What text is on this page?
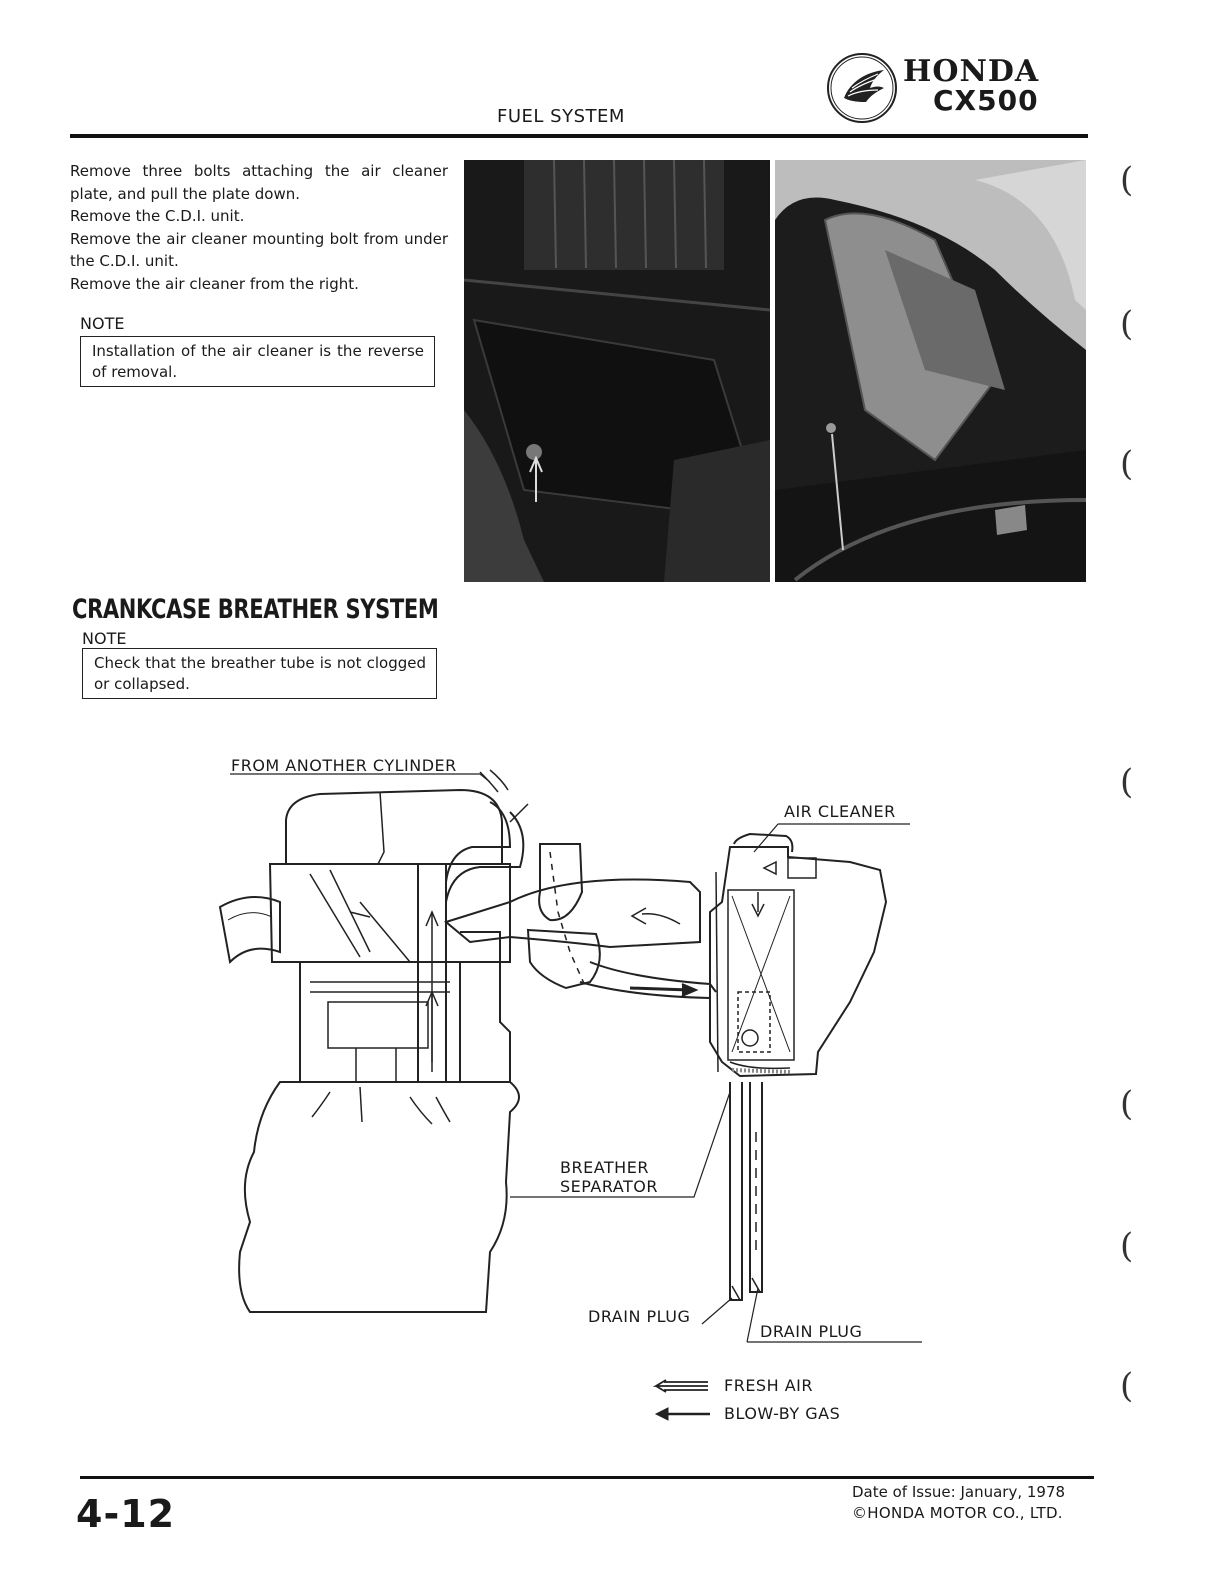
FUEL SYSTEM
HONDA
CX500
Remove three bolts attaching the air cleaner plate, and pull the plate down.
Remove the C.D.I. unit.
Remove the air cleaner mounting bolt from under the C.D.I. unit.
Remove the air cleaner from the right.
NOTE
Installation of the air cleaner is the reverse of removal.
CRANKCASE BREATHER SYSTEM
NOTE
Check that the breather tube is not clogged or collapsed.
FROM ANOTHER CYLINDER
AIR CLEANER
BREATHER
SEPARATOR
DRAIN PLUG
DRAIN PLUG
FRESH AIR
BLOW-BY GAS
(
(
(
(
(
(
(
4-12	Date of Issue: January, 1978
©HONDA MOTOR CO., LTD.
